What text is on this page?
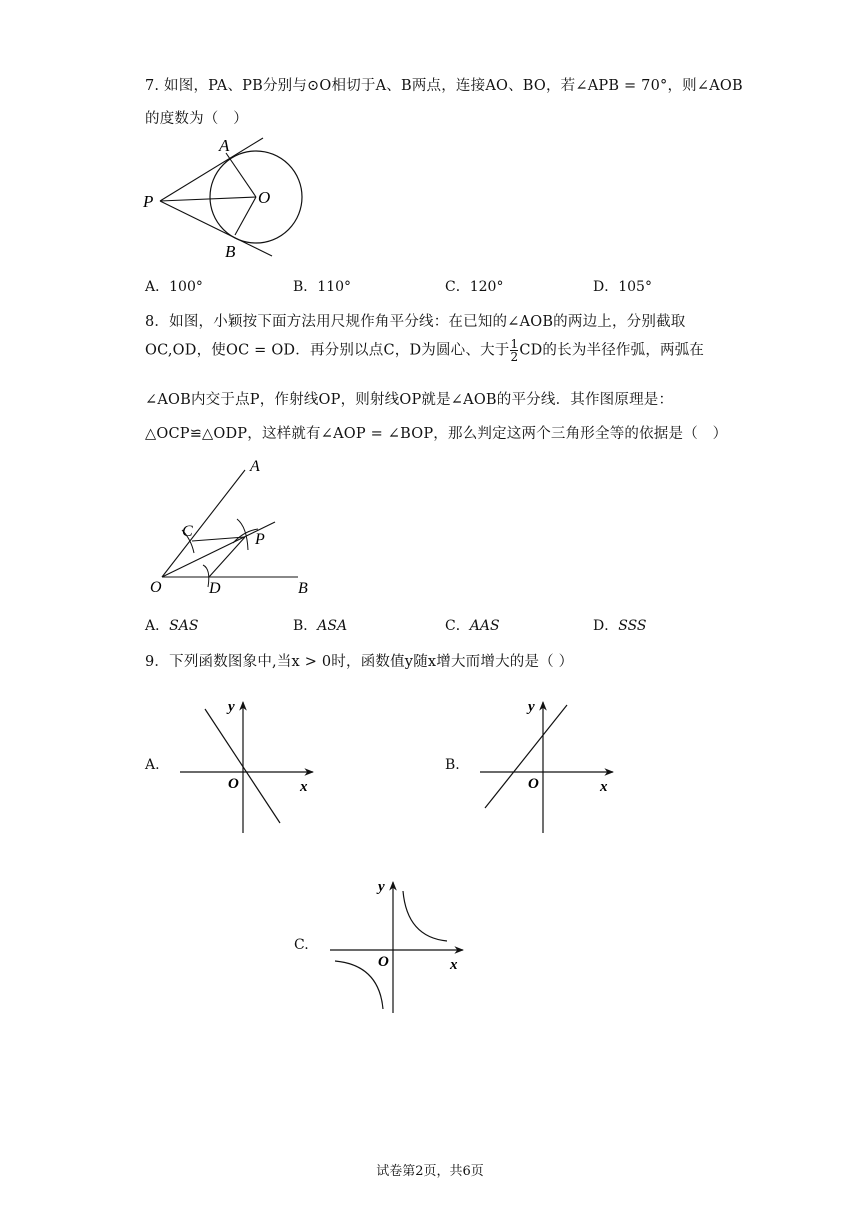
7. 如图，PA、PB分别与⊙O相切于A、B两点，连接AO、BO，若∠APB = 70°，则∠AOB
的度数为（　）
A
O
P
B
A．100°	B．110°	C．120°	D．105°
8．如图，小颖按下面方法用尺规作角平分线：在已知的∠AOB的两边上，分别截取
OC,OD，使OC = OD．再分别以点C，D为圆心、大于 $\frac{1}{2}$ CD的长为半径作弧，两弧在
∠AOB内交于点P，作射线OP，则射线OP就是∠AOB的平分线．其作图原理是：
△OCP≌△ODP，这样就有∠AOP = ∠BOP，那么判定这两个三角形全等的依据是（　）
A
C	P
O	D	B
A．SAS	B．ASA	C．AAS	D．SSS
9．下列函数图象中,当x > 0时，函数值y随x增大而增大的是（ ）
A.
y
x
O
B.
y
x
O
C.
y
x
O
试卷第2页，共6页
